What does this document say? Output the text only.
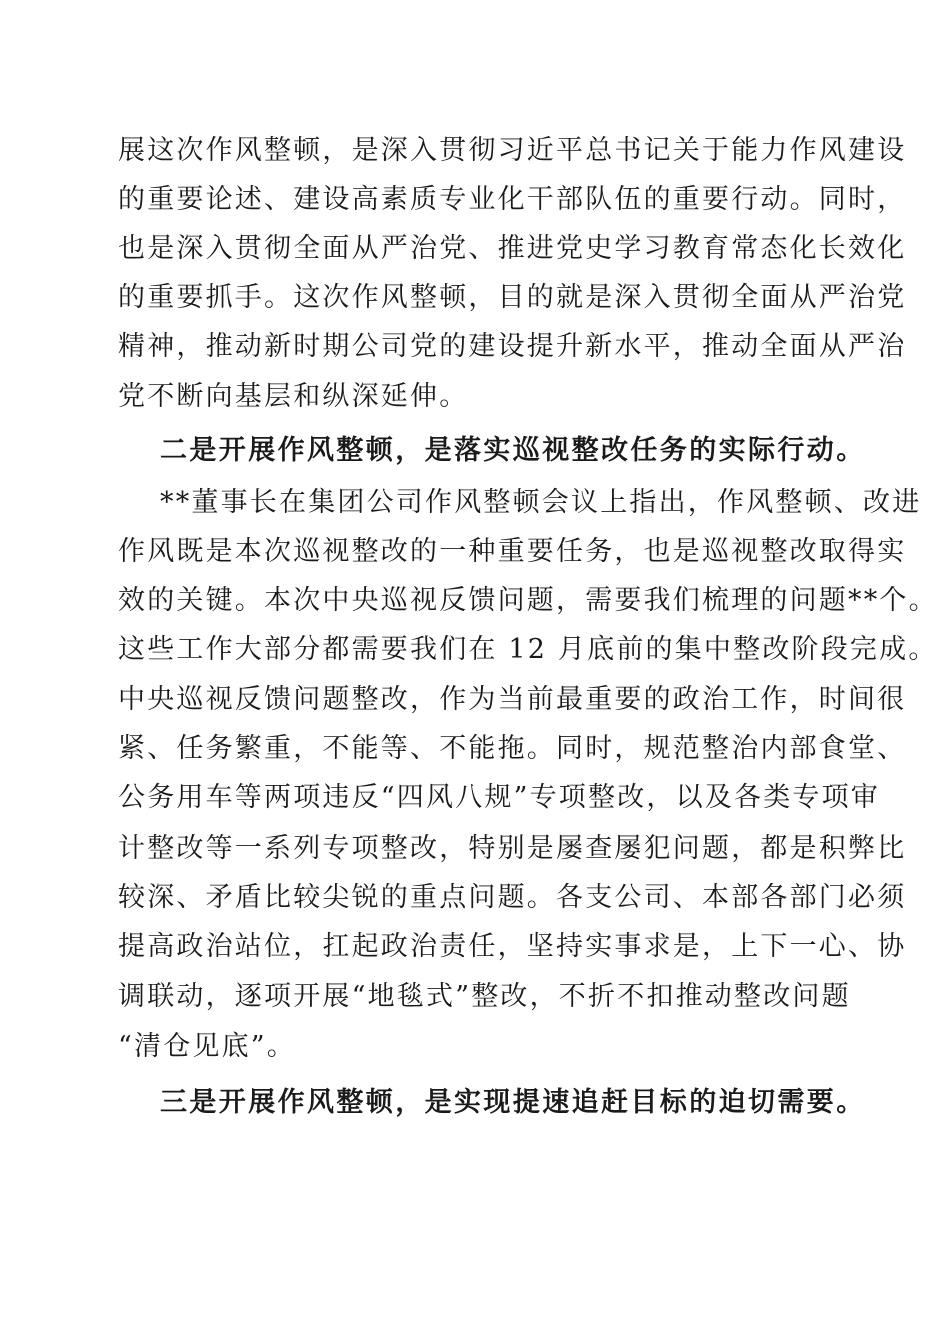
展这次作风整顿，是深入贯彻习近平总书记关于能力作风建设
的重要论述、建设高素质专业化干部队伍的重要行动。同时，
也是深入贯彻全面从严治党、推进党史学习教育常态化长效化
的重要抓手。这次作风整顿，目的就是深入贯彻全面从严治党
精神，推动新时期公司党的建设提升新水平，推动全面从严治
党不断向基层和纵深延伸。
二是开展作风整顿，是落实巡视整改任务的实际行动。
**董事长在集团公司作风整顿会议上指出，作风整顿、改进
作风既是本次巡视整改的一种重要任务，也是巡视整改取得实
效的关键。本次中央巡视反馈问题，需要我们梳理的问题**个。
这些工作大部分都需要我们在 12 月底前的集中整改阶段完成。
中央巡视反馈问题整改，作为当前最重要的政治工作，时间很
紧、任务繁重，不能等、不能拖。同时，规范整治内部食堂、
公务用车等两项违反“四风八规”专项整改，以及各类专项审
计整改等一系列专项整改，特别是屡查屡犯问题，都是积弊比
较深、矛盾比较尖锐的重点问题。各支公司、本部各部门必须
提高政治站位，扛起政治责任，坚持实事求是，上下一心、协
调联动，逐项开展“地毯式”整改，不折不扣推动整改问题
“清仓见底”。
三是开展作风整顿，是实现提速追赶目标的迫切需要。
